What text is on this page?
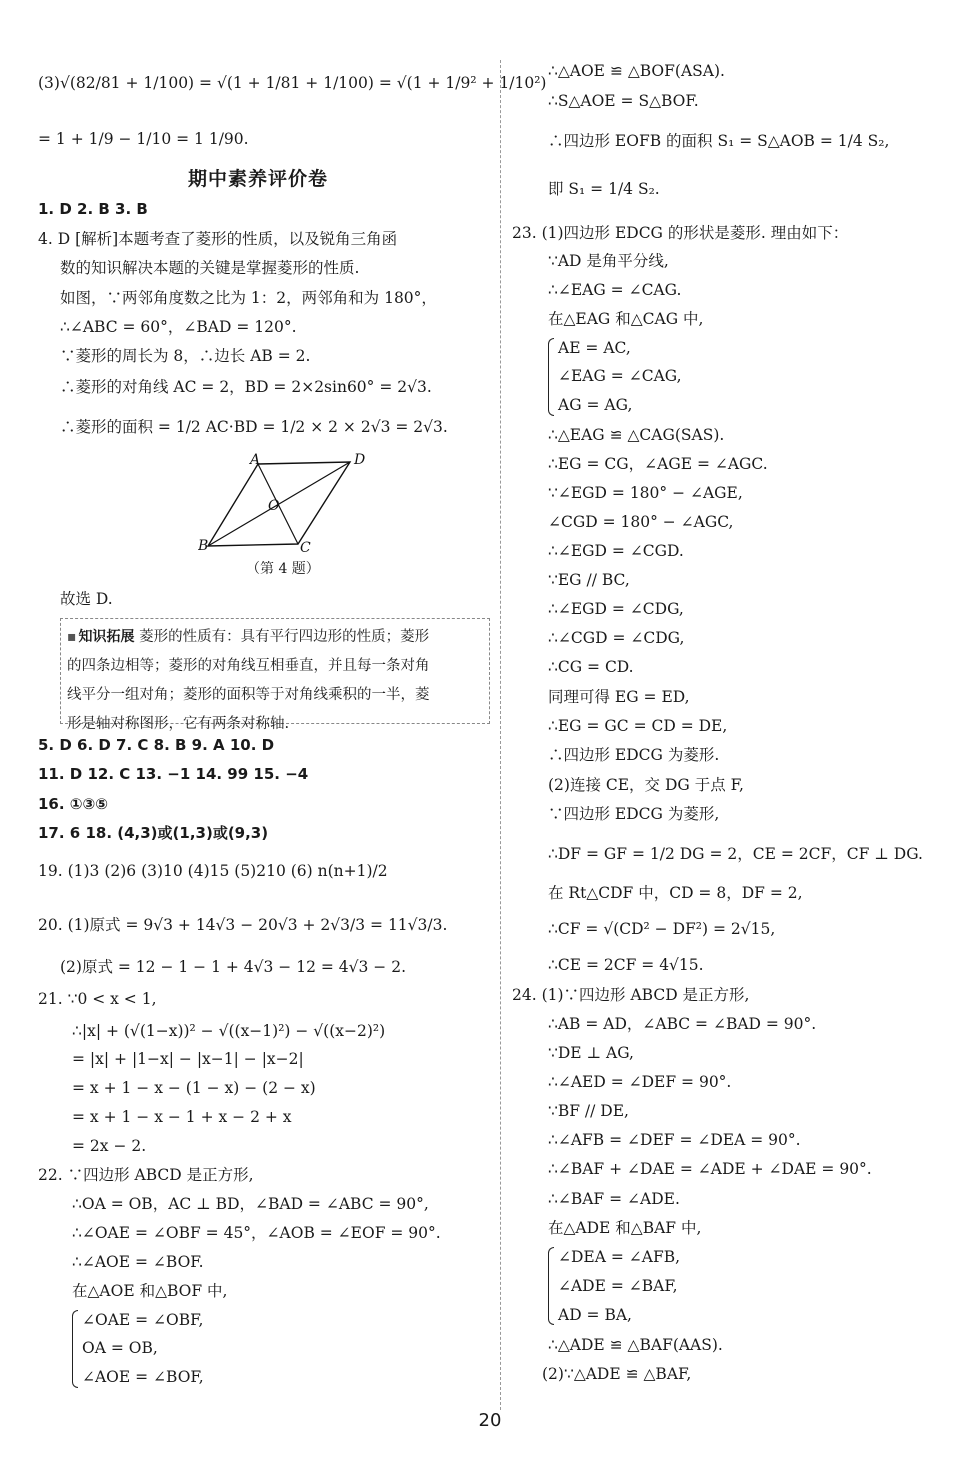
(3)√(82/81 + 1/100) = √(1 + 1/81 + 1/100) = √(1 + 1/9² + 1/10²)
= 1 + 1/9 − 1/10 = 1 1/90.
期中素养评价卷
1. D 2. B 3. B
4. D [解析]本题考查了菱形的性质，以及锐角三角函
数的知识解决本题的关键是掌握菱形的性质.
如图，∵两邻角度数之比为 1：2，两邻角和为 180°，
∴∠ABC = 60°，∠BAD = 120°.
∵菱形的周长为 8，∴边长 AB = 2.
∴菱形的对角线 AC = 2，BD = 2×2sin60° = 2√3.
∴菱形的面积 = 1/2 AC·BD = 1/2 × 2 × 2√3 = 2√3.
A	D
O
B	C
（第 4 题）
故选 D.
▪ 知识拓展 菱形的性质有：具有平行四边形的性质；菱形
的四条边相等；菱形的对角线互相垂直，并且每一条对角
线平分一组对角；菱形的面积等于对角线乘积的一半，菱
形是轴对称图形，它有两条对称轴.
5. D 6. D 7. C 8. B 9. A 10. D
11. D 12. C 13. −1 14. 99 15. −4
16. ①③⑤
17. 6 18. (4,3)或(1,3)或(9,3)
19. (1)3 (2)6 (3)10 (4)15 (5)210 (6) n(n+1)/2
20. (1)原式 = 9√3 + 14√3 − 20√3 + 2√3/3 = 11√3/3.
(2)原式 = 12 − 1 − 1 + 4√3 − 12 = 4√3 − 2.
21. ∵0 < x < 1,
∴|x| + (√(1−x))² − √((x−1)²) − √((x−2)²)
= |x| + |1−x| − |x−1| − |x−2|
= x + 1 − x − (1 − x) − (2 − x)
= x + 1 − x − 1 + x − 2 + x
= 2x − 2.
22. ∵四边形 ABCD 是正方形,
∴OA = OB，AC ⊥ BD，∠BAD = ∠ABC = 90°,
∴∠OAE = ∠OBF = 45°，∠AOB = ∠EOF = 90°.
∴∠AOE = ∠BOF.
在△AOE 和△BOF 中,
∠OAE = ∠OBF,
OA = OB,
∠AOE = ∠BOF,
∴△AOE ≌ △BOF(ASA).
∴S△AOE = S△BOF.
∴四边形 EOFB 的面积 S₁ = S△AOB = 1/4 S₂,
即 S₁ = 1/4 S₂.
23. (1)四边形 EDCG 的形状是菱形. 理由如下：
∵AD 是角平分线,
∴∠EAG = ∠CAG.
在△EAG 和△CAG 中,
AE = AC,
∠EAG = ∠CAG,
AG = AG,
∴△EAG ≌ △CAG(SAS).
∴EG = CG，∠AGE = ∠AGC.
∵∠EGD = 180° − ∠AGE,
∠CGD = 180° − ∠AGC,
∴∠EGD = ∠CGD.
∵EG // BC,
∴∠EGD = ∠CDG,
∴∠CGD = ∠CDG,
∴CG = CD.
同理可得 EG = ED,
∴EG = GC = CD = DE,
∴四边形 EDCG 为菱形.
(2)连接 CE，交 DG 于点 F,
∵四边形 EDCG 为菱形,
∴DF = GF = 1/2 DG = 2，CE = 2CF，CF ⊥ DG.
在 Rt△CDF 中，CD = 8，DF = 2,
∴CF = √(CD² − DF²) = 2√15,
∴CE = 2CF = 4√15.
24. (1)∵四边形 ABCD 是正方形,
∴AB = AD，∠ABC = ∠BAD = 90°.
∵DE ⊥ AG,
∴∠AED = ∠DEF = 90°.
∵BF // DE,
∴∠AFB = ∠DEF = ∠DEA = 90°.
∴∠BAF + ∠DAE = ∠ADE + ∠DAE = 90°.
∴∠BAF = ∠ADE.
在△ADE 和△BAF 中,
∠DEA = ∠AFB,
∠ADE = ∠BAF,
AD = BA,
∴△ADE ≌ △BAF(AAS).
(2)∵△ADE ≌ △BAF,
20
